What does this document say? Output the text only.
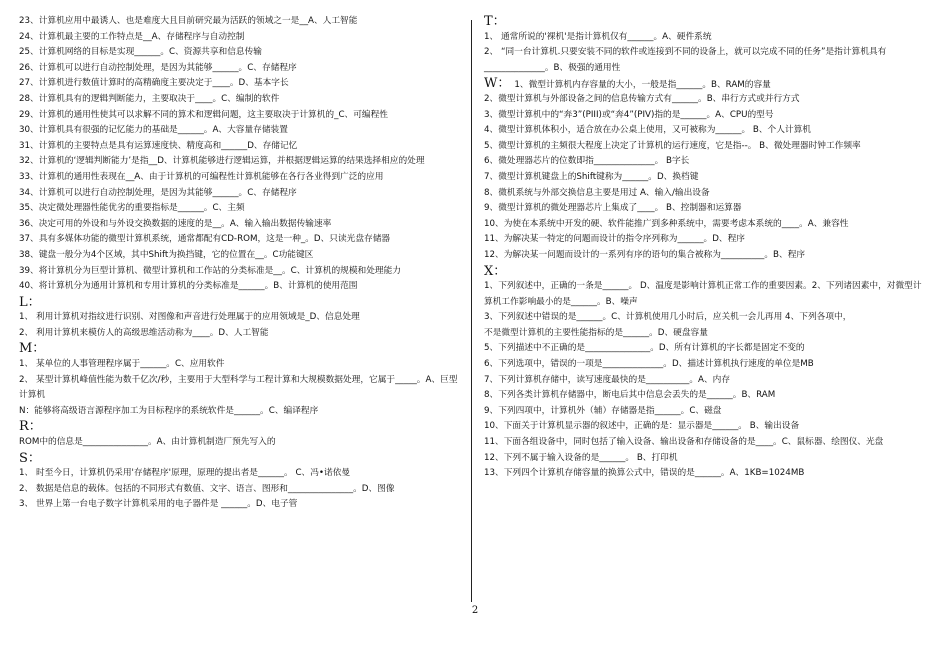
23、计算机应用中最诱人、也是难度大且目前研究最为活跃的领域之一是__A、人工智能
24、计算机最主要的工作特点是__A、存储程序与自动控制
25、计算机网络的目标是实现______。C、资源共享和信息传输
26、计算机可以进行自动控制处理，是因为其能够______。C、存储程序
27、计算机进行数值计算时的高精确度主要决定于____。D、基本字长
28、计算机具有的逻辑判断能力，主要取决于____。C、编制的软件
29、计算机的通用性使其可以求解不同的算术和逻辑问题，这主要取决于计算机的_C、可编程性
30、计算机具有很强的记忆能力的基础是______。A、大容量存储装置
31、计算机的主要特点是具有运算速度快、精度高和______D、存储记忆
32、计算机的‘逻辑判断能力’是指__D、计算机能够进行逻辑运算，并根据逻辑运算的结果选择相应的处理
33、计算机的通用性表现在__A、由于计算机的可编程性计算机能够在各行各业得到广泛的应用
34、计算机可以进行自动控制处理，是因为其能够______。C、存储程序
35、决定微处理器性能优劣的重要指标是______。C、主频
36、决定可用的外设和与外设交换数据的速度的是__。A、输入输出数据传输速率
37、具有多媒体功能的微型计算机系统，通常都配有CD-ROM，这是一种_。D、只读光盘存储器
38、键盘一般分为4个区域，其中Shift为换挡键，它的位置在__。C功能键区
39、将计算机分为巨型计算机、微型计算机和工作站的分类标准是__。C、计算机的规模和处理能力
40、将计算机分为通用计算机和专用计算机的分类标准是______。B、计算机的使用范围
L：
1、 利用计算机对指纹进行识别、对图像和声音进行处理属于的应用领域是_D、信息处理
2、 利用计算机来模仿人的高级思维活动称为____。D、人工智能
M：
1、 某单位的人事管理程序属于______。C、应用软件
2、 某型计算机峰值性能为数千亿次/秒，主要用于大型科学与工程计算和大规模数据处理，它属于_____。A、巨型计算机
N：能够将高级语言源程序加工为目标程序的系统软件是______。C、编译程序
R：
ROM中的信息是_______________。A、由计算机制造厂预先写入的
S：
1、 时至今日，计算机仍采用'存储程序'原理，原理的提出者是______。 C、冯•诺依曼
2、 数据是信息的载体。包括的不同形式有数值、文字、语言、图形和_______________。D、图像
3、 世界上第一台电子数字计算机采用的电子器件是 ______。D、电子管
T：
1、 通常所说的'裸机'是指计算机仅有______。A、硬件系统
2、 “同一台计算机.只要安装不同的软件或连接到不同的设备上，就可以完成不同的任务”是指计算机具有______________。B、极强的通用性
W： 1、微型计算机内存容量的大小，一般是指______。B、RAM的容量
2、微型计算机与外部设备之间的信息传输方式有______。B、串行方式或并行方式
3、微型计算机中的“奔3”(PIII)或“奔4”(PIV)指的是______。A、CPU的型号
4、微型计算机体积小，适合放在办公桌上使用，又可被称为______。 B、个人计算机
5、微型计算机的主频很大程度上决定了计算机的运行速度，它是指--。 B、微处理器时钟工作频率
6、微处理器芯片的位数即指______________。 B字长
7、微型计算机键盘上的Shift键称为______。D、换档键
8、微机系统与外部交换信息主要是用过 A、输入/输出设备
9、微型计算机的微处理器芯片上集成了____。 B、控制器和运算器
10、为使在本系统中开发的硬、软件能推广到多种系统中，需要考虑本系统的____。A、兼容性
11、为解决某一特定的问题而设计的指令序列称为______。D、程序
12、为解决某一问题而设计的一系列有序的语句的集合被称为__________。B、程序
X：
1、下列叙述中，正确的一条是______。 D、温度是影响计算机正常工作的重要因素。2、下列诸因素中，对微型计算机工作影响最小的是______。B、噪声
3、下列叙述中错误的是______。C、计算机使用几小时后，应关机一会儿再用 4、下列各项中，
不是微型计算机的主要性能指标的是______。D、硬盘容量
5、下列描述中不正确的是_______________。D、所有计算机的字长都是固定不变的
6、下列选项中，错误的一项是______________。D、描述计算机执行速度的单位是MB
7、下列计算机存储中，读写速度最快的是__________。A、内存
8、下列各类计算机存储器中，断电后其中信息会丢失的是______。B、RAM
9、下列四项中，计算机外（辅）存储器是指______。C、磁盘
10、下面关于计算机显示器的叙述中，正确的是：显示器是______。 B、输出设备
11、下面各组设备中，同时包括了输入设备、输出设备和存储设备的是____。C、鼠标器、绘图仪、光盘
12、下列不属于输入设备的是______。 B、打印机
13、下列四个计算机存储容量的换算公式中，错误的是______。A、1KB=1024MB
2
